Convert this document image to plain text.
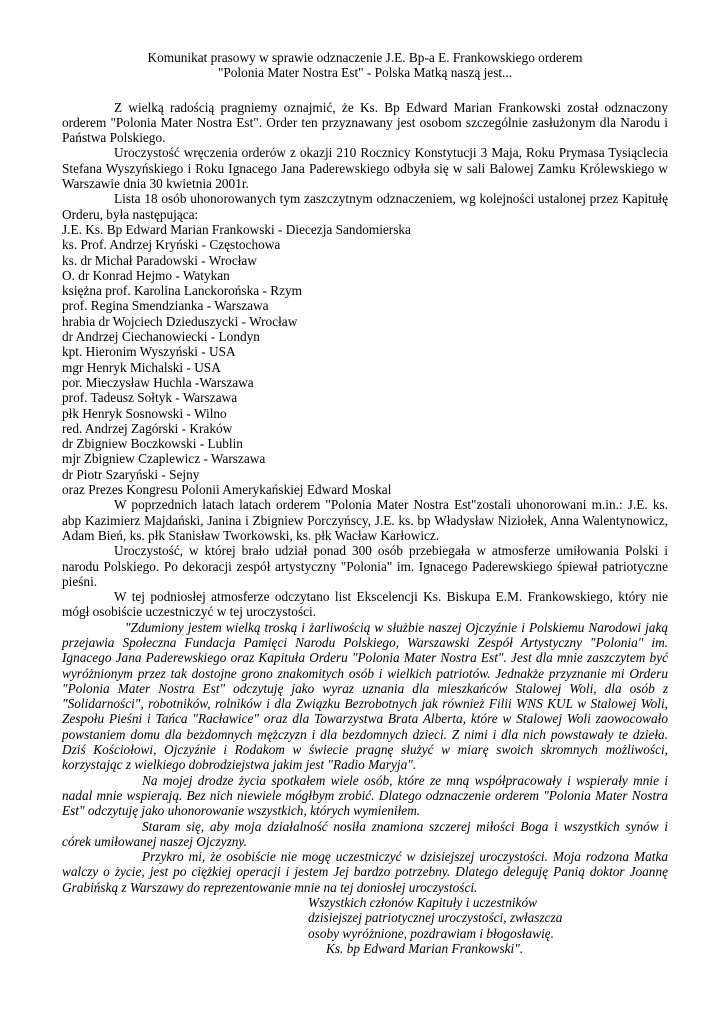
Komunikat prasowy w sprawie odznaczenie J.E. Bp-a E. Frankowskiego orderem
"Polonia Mater Nostra Est" - Polska Matką naszą jest...

Z wielką radością pragniemy oznajmić, że Ks. Bp Edward Marian Frankowski został odznaczony orderem "Polonia Mater Nostra Est". Order ten przyznawany jest osobom szczególnie zasłużonym dla Narodu i Państwa Polskiego.

Uroczystość wręczenia orderów z okazji 210 Rocznicy Konstytucji 3 Maja, Roku Prymasa Tysiąclecia Stefana Wyszyńskiego i Roku Ignacego Jana Paderewskiego odbyła się w sali Balowej Zamku Królewskiego w Warszawie dnia 30 kwietnia 2001r.

Lista 18 osób uhonorowanych tym zaszczytnym odznaczeniem, wg kolejności ustalonej przez Kapitułę Orderu, była następująca:

J.E. Ks. Bp Edward Marian Frankowski - Diecezja Sandomierska
ks. Prof. Andrzej Kryński - Częstochowa
ks. dr Michał Paradowski - Wrocław
O. dr Konrad Hejmo - Watykan
księżna prof. Karolina Lanckorońska - Rzym
prof. Regina Smendzianka - Warszawa
hrabia dr Wojciech Dzieduszycki - Wrocław
dr Andrzej Ciechanowiecki - Londyn
kpt. Hieronim Wyszyński - USA
mgr Henryk Michalski - USA
por. Mieczysław Huchla -Warszawa
prof. Tadeusz Sołtyk - Warszawa
płk Henryk Sosnowski - Wilno
red. Andrzej Zagórski - Kraków
dr Zbigniew Boczkowski - Lublin
mjr Zbigniew Czaplewicz - Warszawa
dr Piotr Szaryński - Sejny
oraz Prezes Kongresu Polonii Amerykańskiej Edward Moskal

W poprzednich latach latach orderem "Polonia Mater Nostra Est"zostali uhonorowani m.in.: J.E. ks. abp Kazimierz Majdański, Janina i Zbigniew Porczyńscy, J.E. ks. bp Władysław Niziołek, Anna Walentynowicz, Adam Bień, ks. płk Stanisław Tworkowski, ks. płk Wacław Karłowicz.

Uroczystość, w której brało udział ponad 300 osób przebiegała w atmosferze umiłowania Polski i narodu Polskiego. Po dekoracji zespół artystyczny "Polonia" im. Ignacego Paderewskiego śpiewał patriotyczne pieśni.

W tej podniosłej atmosferze odczytano list Ekscelencji Ks. Biskupa E.M. Frankowskiego, który nie mógł osobiście uczestniczyć w tej uroczystości.

"Zdumiony jestem wielką troską i żarliwością w służbie naszej Ojczyźnie i Polskiemu Narodowi jaką przejawia Społeczna Fundacja Pamięci Narodu Polskiego, Warszawski Zespół Artystyczny "Polonia" im. Ignacego Jana Paderewskiego oraz Kapituła Orderu "Polonia Mater Nostra Est". Jest dla mnie zaszczytem być wyróżnionym przez tak dostojne grono znakomitych osób i wielkich patriotów. Jednakże przyznanie mi Orderu "Polonia Mater Nostra Est" odczytuję jako wyraz uznania dla mieszkańców Stalowej Woli, dla osób z "Solidarności", robotników, rolników i dla Związku Bezrobotnych jak również Filii WNS KUL w Stalowej Woli, Zespołu Pieśni i Tańca "Racławice" oraz dla Towarzystwa Brata Alberta, które w Stalowej Woli zaowocowało powstaniem domu dla bezdomnych mężczyzn i dla bezdomnych dzieci. Z nimi i dla nich powstawały te dzieła. Dziś Kościołowi, Ojczyźnie i Rodakom w świecie pragnę służyć w miarę swoich skromnych możliwości, korzystając z wielkiego dobrodziejstwa jakim jest "Radio Maryja".

Na mojej drodze życia spotkałem wiele osób, które ze mną współpracowały i wspierały mnie i nadal mnie wspierają. Bez nich niewiele mógłbym zrobić. Dlatego odznaczenie orderem "Polonia Mater Nostra Est" odczytuję jako uhonorowanie wszystkich, których wymieniłem.

Staram się, aby moja działalność nosiła znamiona szczerej miłości Boga i wszystkich synów i córek umiłowanej naszej Ojczyzny.

Przykro mi, że osobiście nie mogę uczestniczyć w dzisiejszej uroczystości. Moja rodzona Matka walczy o życie, jest po ciężkiej operacji i jestem Jej bardzo potrzebny. Dlatego deleguję Panią doktor Joannę Grabińską z Warszawy do reprezentowanie mnie na tej doniosłej uroczystości.

Wszystkich członów Kapituły i uczestników
dzisiejszej patriotycznej uroczystości, zwłaszcza
osoby wyróżnione, pozdrawiam i błogosławię.
Ks. bp Edward Marian Frankowski".
